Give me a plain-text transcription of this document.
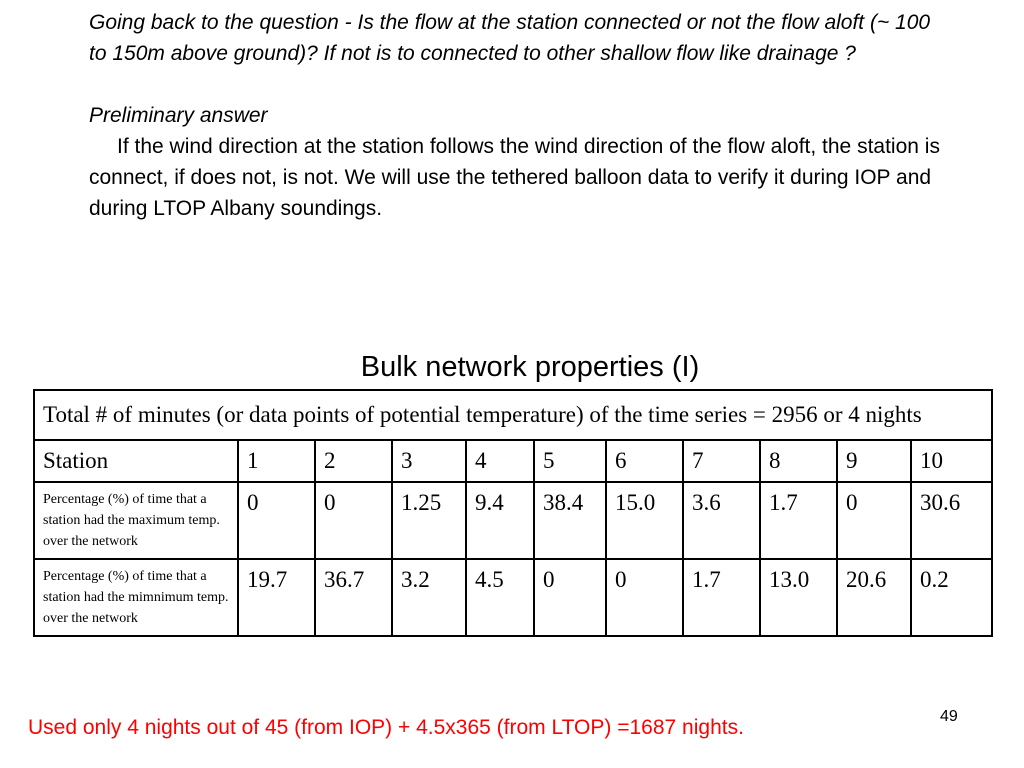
Going back to the question - Is the flow at the station connected or not the flow aloft (~ 100 to 150m above ground)? If not is to connected to other shallow flow like drainage ?

Preliminary answer

If the wind direction at the station follows the wind direction of the flow aloft, the station is connect, if does not, is not. We will use the tethered balloon data to verify it during IOP and during LTOP Albany soundings.

Bulk network properties (I)
Total # of minutes (or data points of potential temperature) of the time series = 2956 or 4 nights										
Station	1	2	3	4	5	6	7	8	9	10
Percentage (%) of time that a station had the maximum temp. over the network	0	0	1.25	9.4	38.4	15.0	3.6	1.7	0	30.6
Percentage (%) of time that a station had the mimnimum temp. over the network	19.7	36.7	3.2	4.5	0	0	1.7	13.0	20.6	0.2
Used only 4 nights out of 45 (from IOP) + 4.5x365 (from LTOP) =1687 nights.	49
